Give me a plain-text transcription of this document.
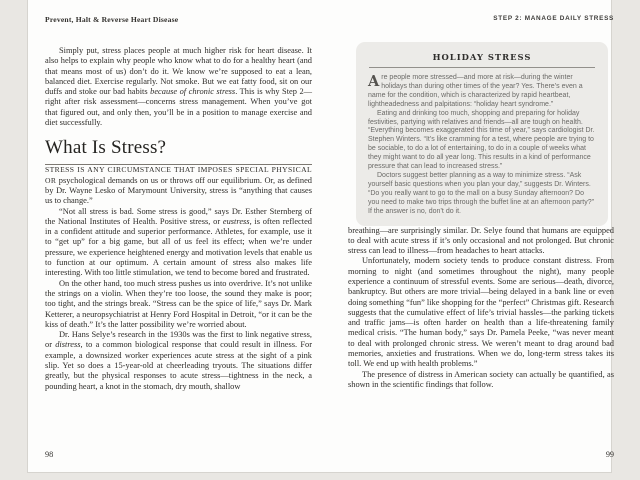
Prevent, Halt & Reverse Heart Disease

Simply put, stress places people at much higher risk for heart disease. It also helps to explain why people who know what to do for a healthy heart (and that means most of us) don’t do it. We know we’re supposed to eat a lean, balanced diet. Exercise regularly. Not smoke. But we eat fatty food, sit on our duffs and stoke our bad habits because of chronic stress. This is why Step 2—right after risk assessment—concerns stress management. When you’ve got that figured out, and only then, you’ll be in a position to manage exercise and diet successfully.

What Is Stress?

STRESS IS ANY CIRCUMSTANCE THAT IMPOSES SPECIAL PHYSICAL OR psychological demands on us or throws off our equilibrium. Or, as defined by Dr. Wayne Lesko of Marymount University, stress is “anything that causes us to change.”

“Not all stress is bad. Some stress is good,” says Dr. Esther Sternberg of the National Institutes of Health. Positive stress, or eustress, is often reflected in a confident attitude and superior performance. Athletes, for example, use it to “get up” for a big game, but all of us feel its effect; when we’re under pressure, we experience heightened energy and motivation levels that enable us to function at our optimum. A certain amount of stress also makes life interesting. With too little stimulation, we tend to become bored and frustrated.

On the other hand, too much stress pushes us into overdrive. It’s not unlike the strings on a violin. When they’re too loose, the sound they make is poor; too tight, and the strings break. “Stress can be the spice of life,” says Dr. Mark Ketterer, a neuropsychiatrist at Henry Ford Hospital in Detroit, “or it can be the kiss of death.” It’s the latter possibility we’re worried about.

Dr. Hans Selye’s research in the 1930s was the first to link negative stress, or distress, to a common biological response that could result in illness. For example, a downsized worker experiences acute stress at the sight of a pink slip. Yet so does a 15-year-old at cheerleading tryouts. The situations differ greatly, but the physical responses to acute stress—tightness in the neck, a pounding heart, a knot in the stomach, dry mouth, shallow

98
STEP 2: MANAGE DAILY STRESS
HOLIDAY STRESS

Are people more stressed—and more at risk—during the winter holidays than during other times of the year? Yes. There’s even a name for the condition, which is characterized by rapid heartbeat, lightheadedness and palpitations: “holiday heart syndrome.”

Eating and drinking too much, shopping and preparing for holiday festivities, partying with relatives and friends—all are tough on health. “Everything becomes exaggerated this time of year,” says cardiologist Dr. Stephen Winters. “It’s like cramming for a test, where people are trying to be sociable, to do a lot of entertaining, to do in a couple of weeks what they might want to do all year long. This results in a kind of performance pressure that can lead to increased stress.”

Doctors suggest better planning as a way to minimize stress. “Ask yourself basic questions when you plan your day,” suggests Dr. Winters. “Do you really want to go to the mall on a busy Sunday afternoon? Do you need to make two trips through the buffet line at an afternoon party?” If the answer is no, don’t do it.

breathing—are surprisingly similar. Dr. Selye found that humans are equipped to deal with acute stress if it’s only occasional and not prolonged. But chronic stress can lead to illness—from headaches to heart attacks.

Unfortunately, modern society tends to produce constant distress. From morning to night (and sometimes throughout the night), many people experience a continuum of stressful events. Some are serious—death, divorce, bankruptcy. But others are more trivial—being delayed in a bank line or even doing something “fun” like shopping for the “perfect” Christmas gift. Research suggests that the cumulative effect of life’s trivial hassles—the parking tickets and traffic jams—is often harder on health than a life-threatening family medical crisis. “The human body,” says Dr. Pamela Peeke, “was never meant to deal with prolonged chronic stress. We weren’t meant to drag around bad memories, anxieties and frustrations. When we do, long-term stress takes its toll. We end up with health problems.”

The presence of distress in American society can actually be quantified, as shown in the scientific findings that follow.

99
